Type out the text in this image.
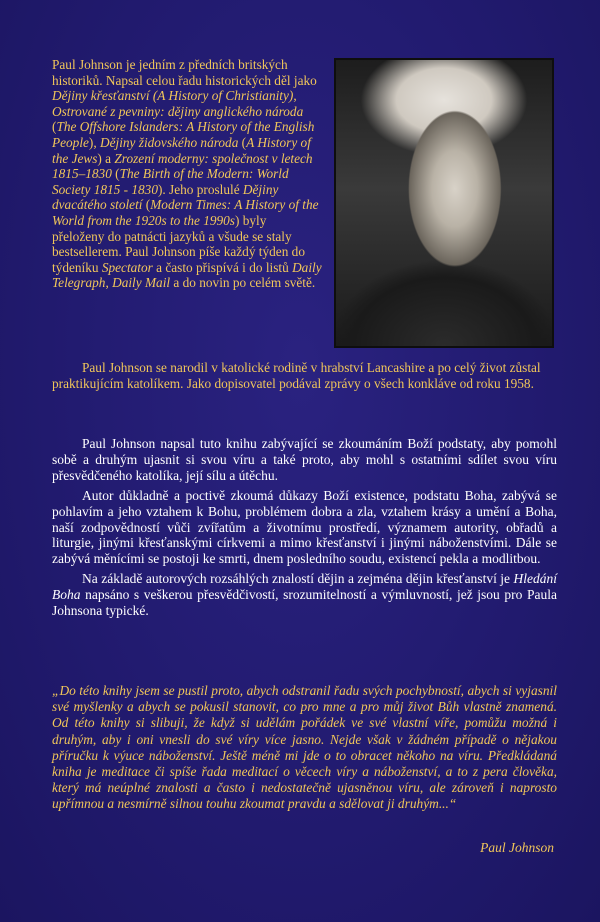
Paul Johnson je jedním z předních britských historiků. Napsal celou řadu historických děl jako Dějiny křesťanství (A History of Christianity), Ostrované z pevniny: dějiny anglického národa (The Offshore Islanders: A History of the English People), Dějiny židovského národa (A History of the Jews) a Zrození moderny: společnost v letech 1815–1830 (The Birth of the Modern: World Society 1815 - 1830). Jeho proslulé Dějiny dvacátého století (Modern Times: A History of the World from the 1920s to the 1990s) byly přeloženy do patnácti jazyků a všude se staly bestsellerem. Paul Johnson píše každý týden do týdeníku Spectator a často přispívá i do listů Daily Telegraph, Daily Mail a do novin po celém světě.

Paul Johnson se narodil v katolické rodině v hrabství Lancashire a po celý život zůstal praktikujícím katolíkem. Jako dopisovatel podával zprávy o všech konkláve od roku 1958.

Paul Johnson napsal tuto knihu zabývající se zkoumáním Boží podstaty, aby pomohl sobě a druhým ujasnit si svou víru a také proto, aby mohl s ostatními sdílet svou víru přesvědčeného katolíka, její sílu a útěchu.

Autor důkladně a poctivě zkoumá důkazy Boží existence, podstatu Boha, zabývá se pohlavím a jeho vztahem k Bohu, problémem dobra a zla, vztahem krásy a umění a Boha, naší zodpovědností vůči zvířatům a životnímu prostředí, významem autority, obřadů a liturgie, jinými křesťanskými církvemi a mimo křesťanství i jinými náboženstvími. Dále se zabývá měnícími se postoji ke smrti, dnem posledního soudu, existencí pekla a modlitbou.

Na základě autorových rozsáhlých znalostí dějin a zejména dějin křesťanství je Hledání Boha napsáno s veškerou přesvědčivostí, srozumitelností a výmluvností, jež jsou pro Paula Johnsona typické.

„Do této knihy jsem se pustil proto, abych odstranil řadu svých pochybností, abych si vyjasnil své myšlenky a abych se pokusil stanovit, co pro mne a pro můj život Bůh vlastně znamená. Od této knihy si slibuji, že když si udělám pořádek ve své vlastní víře, pomůžu možná i druhým, aby i oni vnesli do své víry více jasno. Nejde však v žádném případě o nějakou příručku k výuce náboženství. Ještě méně mi jde o to obracet někoho na víru. Předkládaná kniha je meditace či spíše řada meditací o věcech víry a náboženství, a to z pera člověka, který má neúplné znalosti a často i nedostatečně ujasněnou víru, ale zároveň i naprosto upřímnou a nesmírně silnou touhu zkoumat pravdu a sdělovat ji druhým...“

Paul Johnson
